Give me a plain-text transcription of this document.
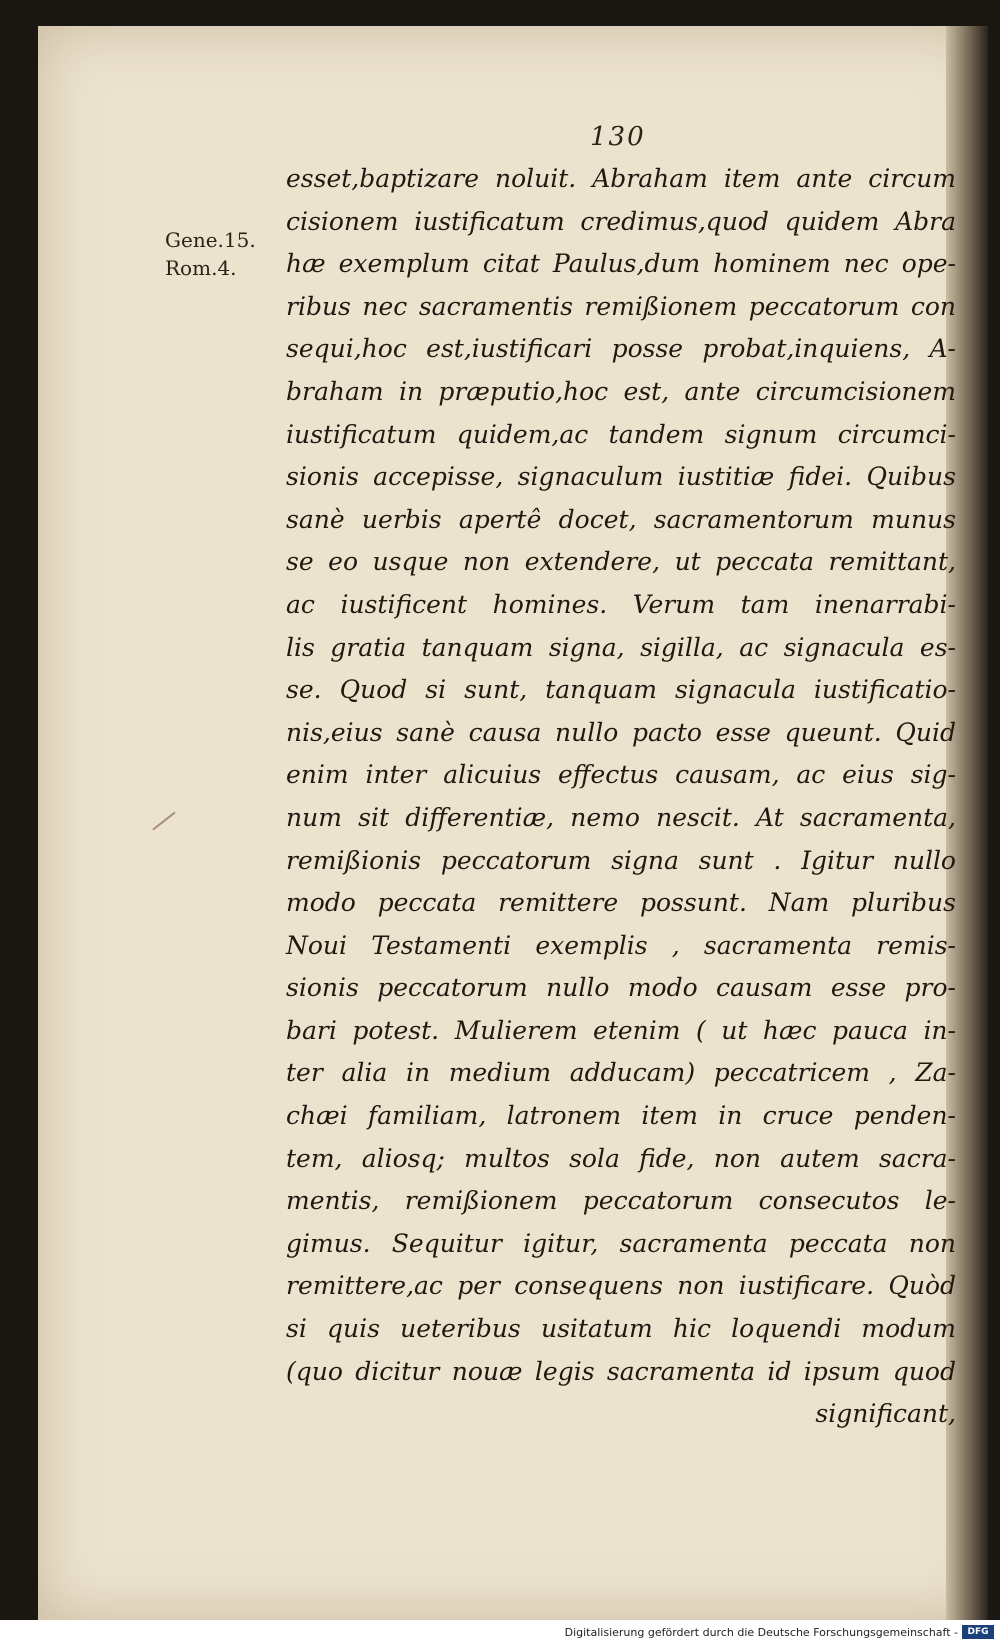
130
Gene.15.
Rom.4.
esset,baptizare noluit. Abraham item ante circum
cisionem iustificatum credimus,quod quidem Abra
hæ exemplum citat Paulus,dum hominem nec ope-
ribus nec sacramentis remißionem peccatorum con
sequi,hoc est,iustificari posse probat,inquiens, A-
braham in præputio,hoc est, ante circumcisionem
iustificatum quidem,ac tandem signum circumci-
sionis accepisse, signaculum iustitiæ fidei. Quibus
sanè uerbis apertê docet, sacramentorum munus
se eo usque non extendere, ut peccata remittant,
ac iustificent homines. Verum tam inenarrabi-
lis gratia tanquam signa, sigilla, ac signacula es-
se. Quod si sunt, tanquam signacula iustificatio-
nis,eius sanè causa nullo pacto esse queunt. Quid
enim inter alicuius effectus causam, ac eius sig-
num sit differentiæ, nemo nescit. At sacramenta,
remißionis peccatorum signa sunt . Igitur nullo
modo peccata remittere possunt. Nam pluribus
Noui Testamenti exemplis , sacramenta remis-
sionis peccatorum nullo modo causam esse pro-
bari potest. Mulierem etenim ( ut hæc pauca in-
ter alia in medium adducam) peccatricem , Za-
chæi familiam, latronem item in cruce penden-
tem, aliosq; multos sola fide, non autem sacra-
mentis, remißionem peccatorum consecutos le-
gimus. Sequitur igitur, sacramenta peccata non
remittere,ac per consequens non iustificare. Quòd
si quis ueteribus usitatum hic loquendi modum
(quo dicitur nouæ legis sacramenta id ipsum quod
significant,
Digitalisierung gefördert durch die Deutsche Forschungsgemeinschaft -	DFG
